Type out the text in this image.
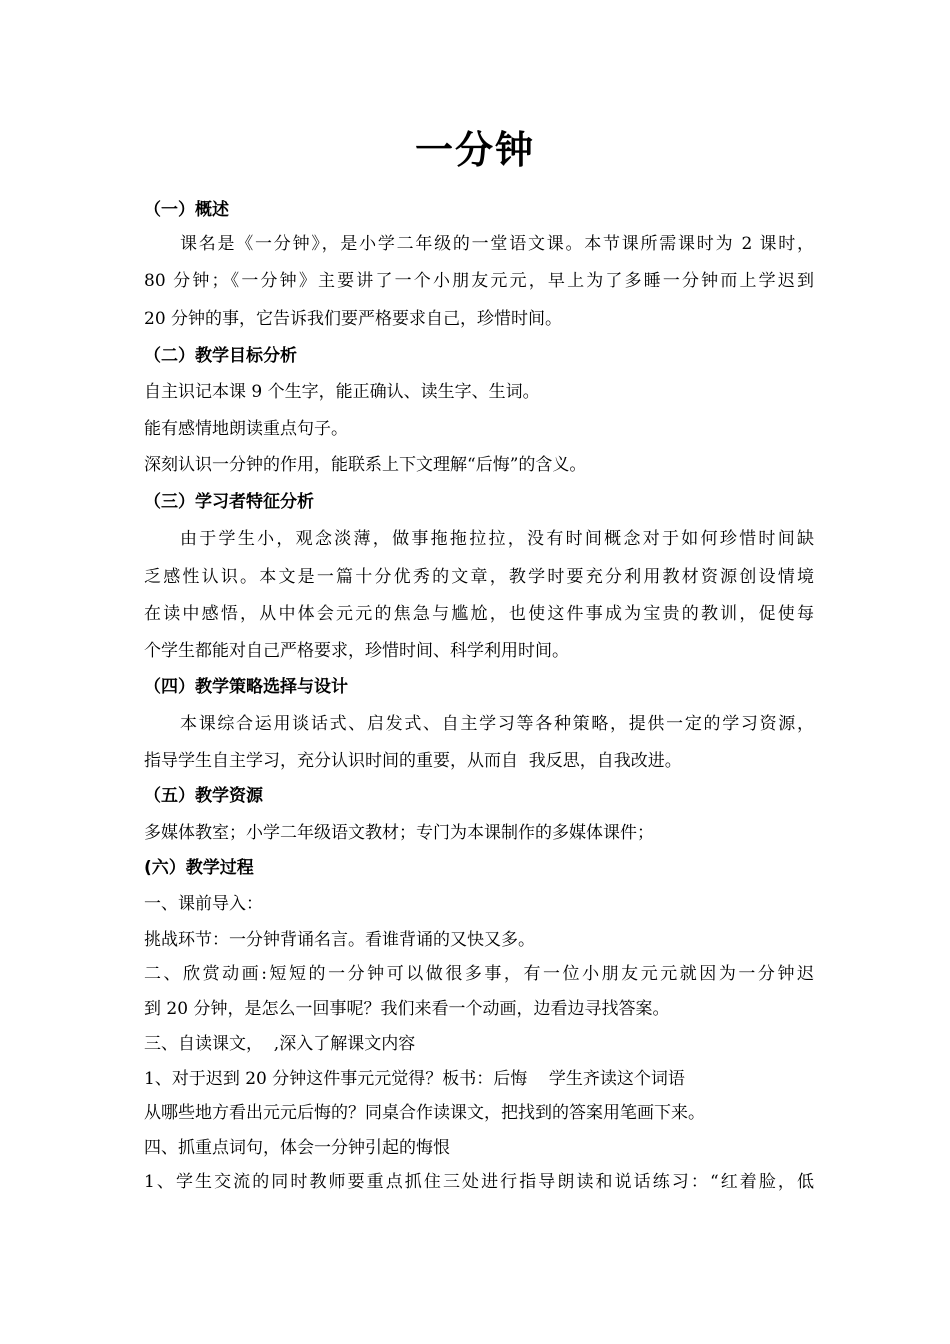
一分钟
（一）概述
课名是《一分钟》，是小学二年级的一堂语文课。本节课所需课时为 2 课时，
80 分钟；《一分钟》主要讲了一个小朋友元元，早上为了多睡一分钟而上学迟到
20 分钟的事，它告诉我们要严格要求自己，珍惜时间。
（二）教学目标分析
自主识记本课 9 个生字，能正确认、读生字、生词。
能有感情地朗读重点句子。
深刻认识一分钟的作用，能联系上下文理解“后悔”的含义。
（三）学习者特征分析
由于学生小，观念淡薄，做事拖拖拉拉，没有时间概念对于如何珍惜时间缺
乏感性认识。本文是一篇十分优秀的文章，教学时要充分利用教材资源创设情境
在读中感悟，从中体会元元的焦急与尴尬，也使这件事成为宝贵的教训，促使每
个学生都能对自己严格要求，珍惜时间、科学利用时间。
（四）教学策略选择与设计
本课综合运用谈话式、启发式、自主学习等各种策略，提供一定的学习资源，
指导学生自主学习，充分认识时间的重要，从而自  我反思，自我改进。
（五）教学资源
多媒体教室；小学二年级语文教材；专门为本课制作的多媒体课件；
(六）教学过程
一、课前导入：
挑战环节：一分钟背诵名言。看谁背诵的又快又多。
二、欣赏动画:短短的一分钟可以做很多事，有一位小朋友元元就因为一分钟迟
到 20 分钟，是怎么一回事呢？我们来看一个动画，边看边寻找答案。
三、自读课文，  ,深入了解课文内容
1、对于迟到 20 分钟这件事元元觉得？板书：后悔    学生齐读这个词语
从哪些地方看出元元后悔的？同桌合作读课文，把找到的答案用笔画下来。
四、抓重点词句，体会一分钟引起的悔恨
1、学生交流的同时教师要重点抓住三处进行指导朗读和说话练习：“红着脸，低
